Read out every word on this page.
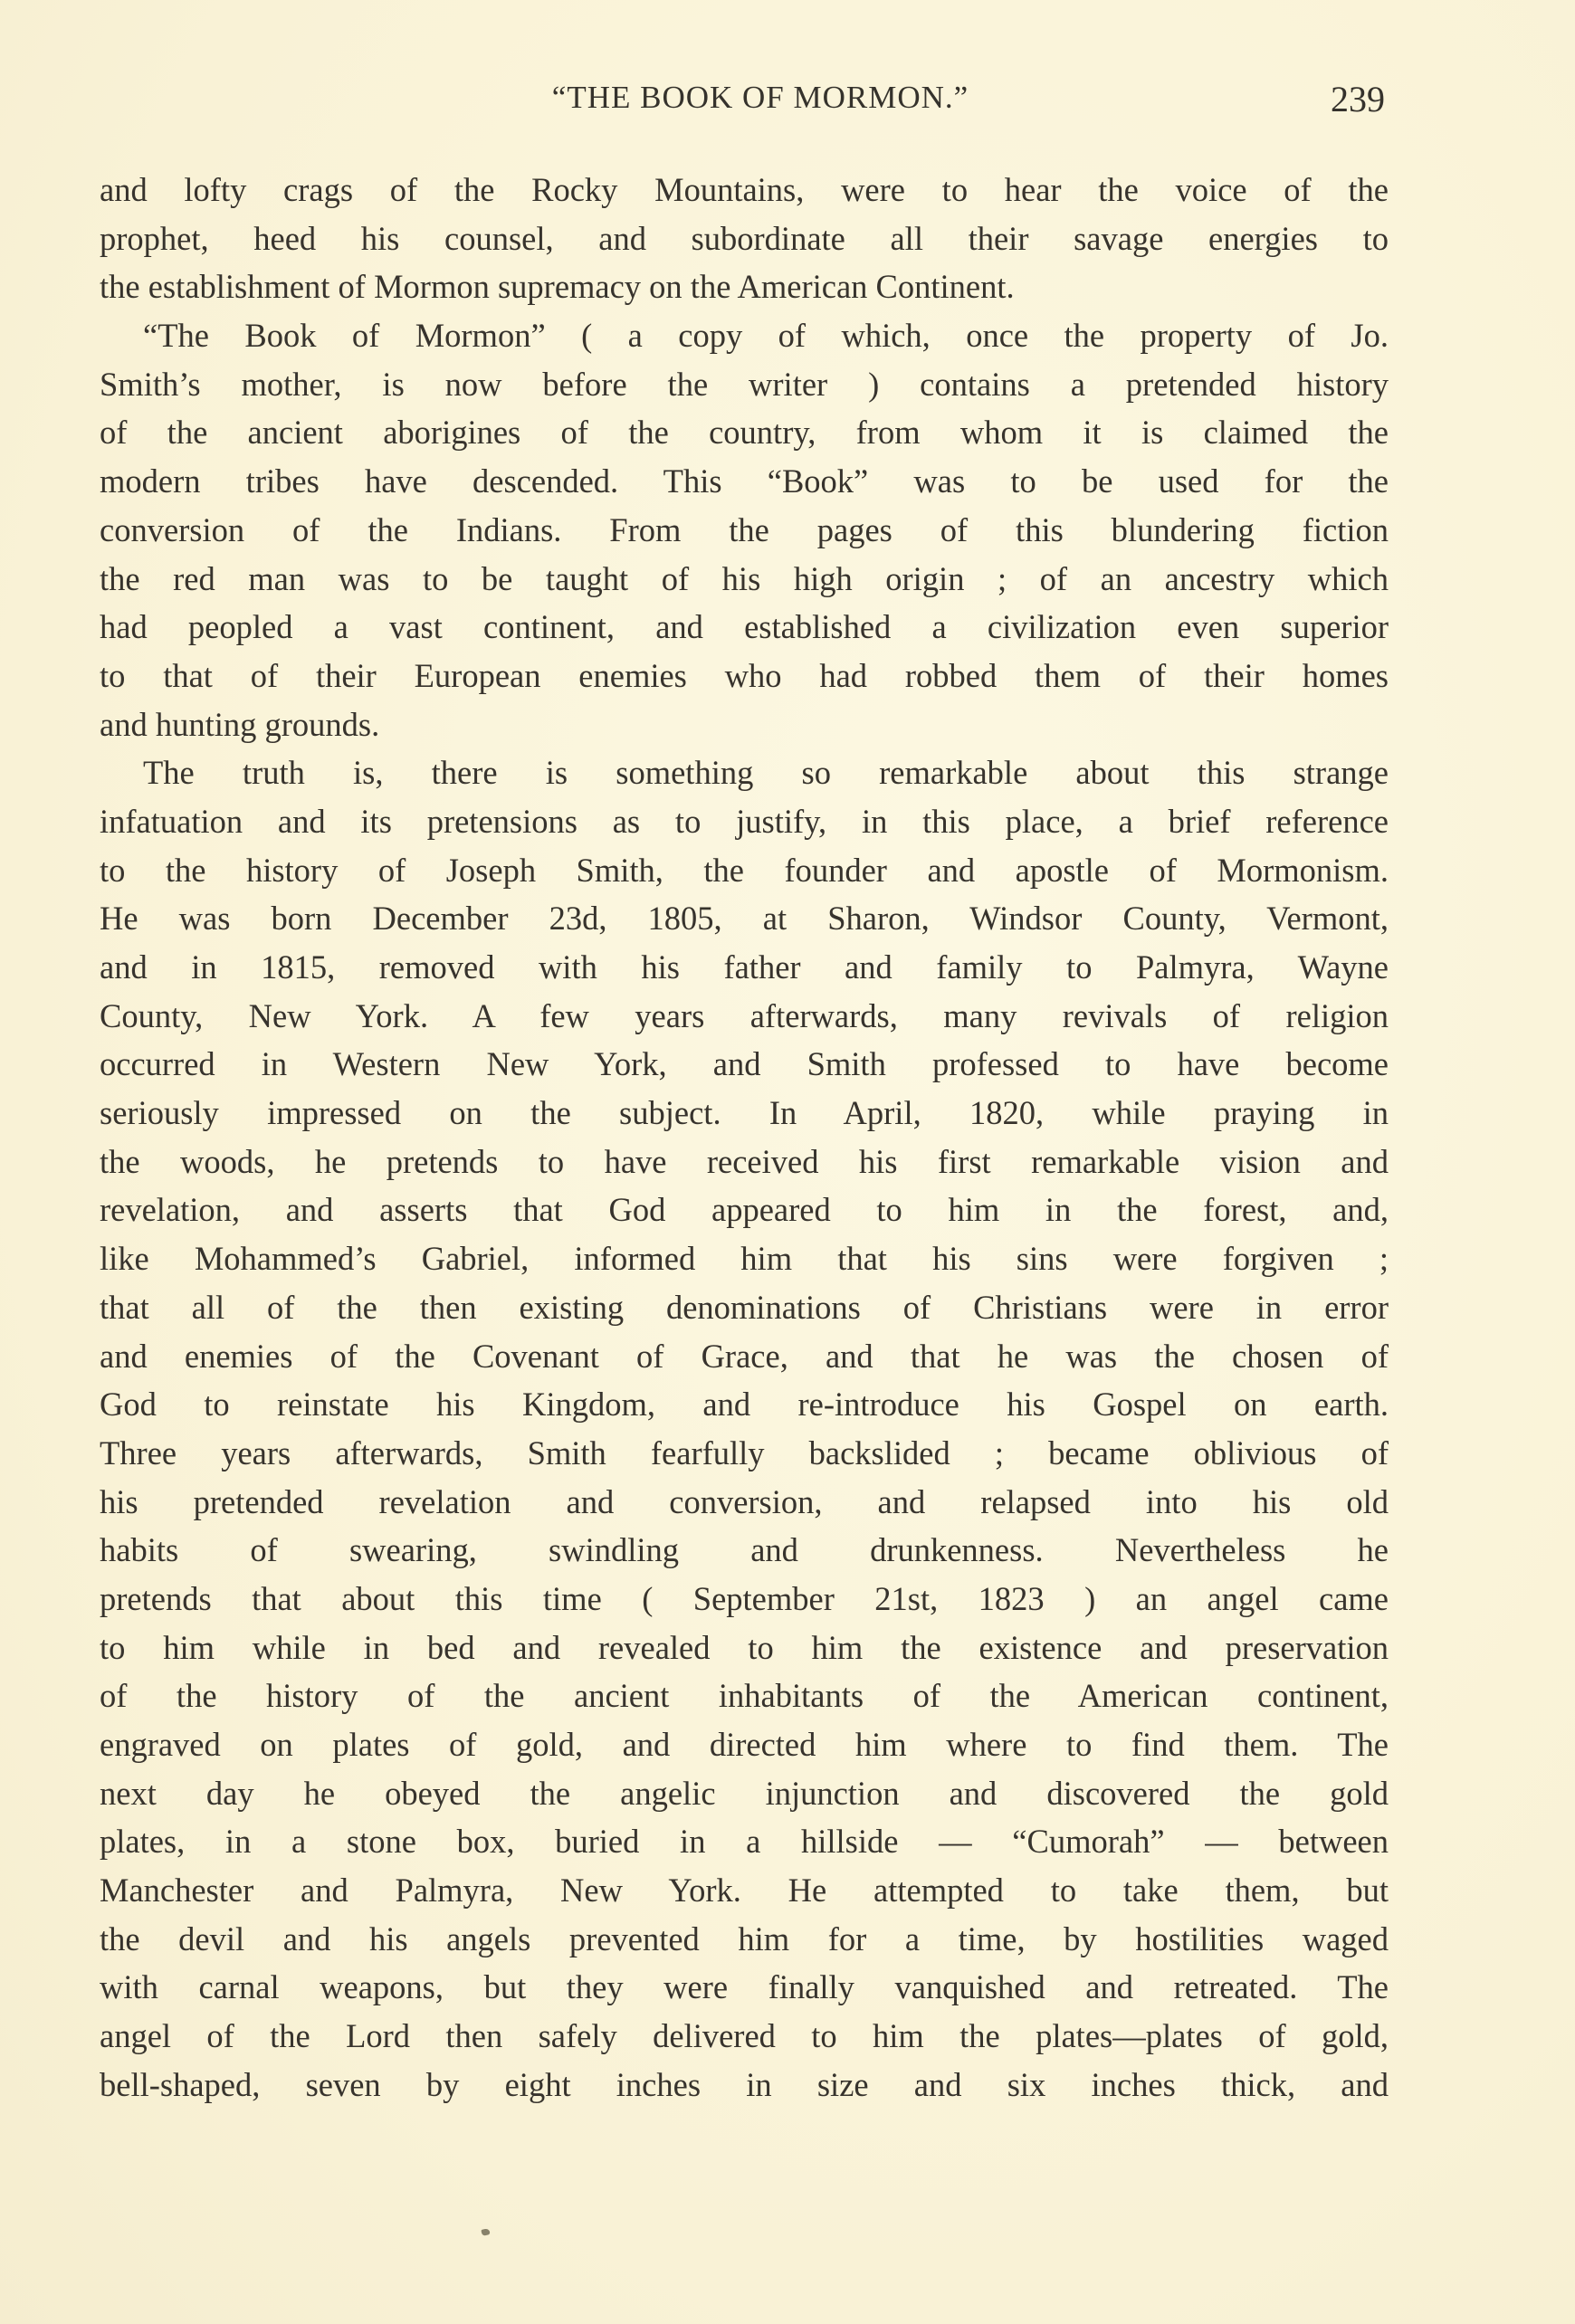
“THE BOOK OF MORMON.”	239
and lofty crags of the Rocky Mountains, were to hear the voice of the
prophet, heed his counsel, and subordinate all their savage energies to
the establishment of Mormon supremacy on the American Continent.
“The Book of Mormon” ( a copy of which, once the property of Jo.
Smith’s mother, is now before the writer ) contains a pretended history
of the ancient aborigines of the country, from whom it is claimed the
modern tribes have descended. This “Book” was to be used for the
conversion of the Indians. From the pages of this blundering fiction
the red man was to be taught of his high origin ; of an ancestry which
had peopled a vast continent, and established a civilization even superior
to that of their European enemies who had robbed them of their homes
and hunting grounds.
The truth is, there is something so remarkable about this strange
infatuation and its pretensions as to justify, in this place, a brief reference
to the history of Joseph Smith, the founder and apostle of Mormonism.
He was born December 23d, 1805, at Sharon, Windsor County, Vermont,
and in 1815, removed with his father and family to Palmyra, Wayne
County, New York. A few years afterwards, many revivals of religion
occurred in Western New York, and Smith professed to have become
seriously impressed on the subject. In April, 1820, while praying in
the woods, he pretends to have received his first remarkable vision and
revelation, and asserts that God appeared to him in the forest, and,
like Mohammed’s Gabriel, informed him that his sins were forgiven ;
that all of the then existing denominations of Christians were in error
and enemies of the Covenant of Grace, and that he was the chosen of
God to reinstate his Kingdom, and re-introduce his Gospel on earth.
Three years afterwards, Smith fearfully backslided ; became oblivious of
his pretended revelation and conversion, and relapsed into his old
habits of swearing, swindling and drunkenness. Nevertheless he
pretends that about this time ( September 21st, 1823 ) an angel came
to him while in bed and revealed to him the existence and preservation
of the history of the ancient inhabitants of the American continent,
engraved on plates of gold, and directed him where to find them. The
next day he obeyed the angelic injunction and discovered the gold
plates, in a stone box, buried in a hillside — “Cumorah” — between
Manchester and Palmyra, New York. He attempted to take them, but
the devil and his angels prevented him for a time, by hostilities waged
with carnal weapons, but they were finally vanquished and retreated. The
angel of the Lord then safely delivered to him the plates—plates of gold,
bell-shaped, seven by eight inches in size and six inches thick, and
